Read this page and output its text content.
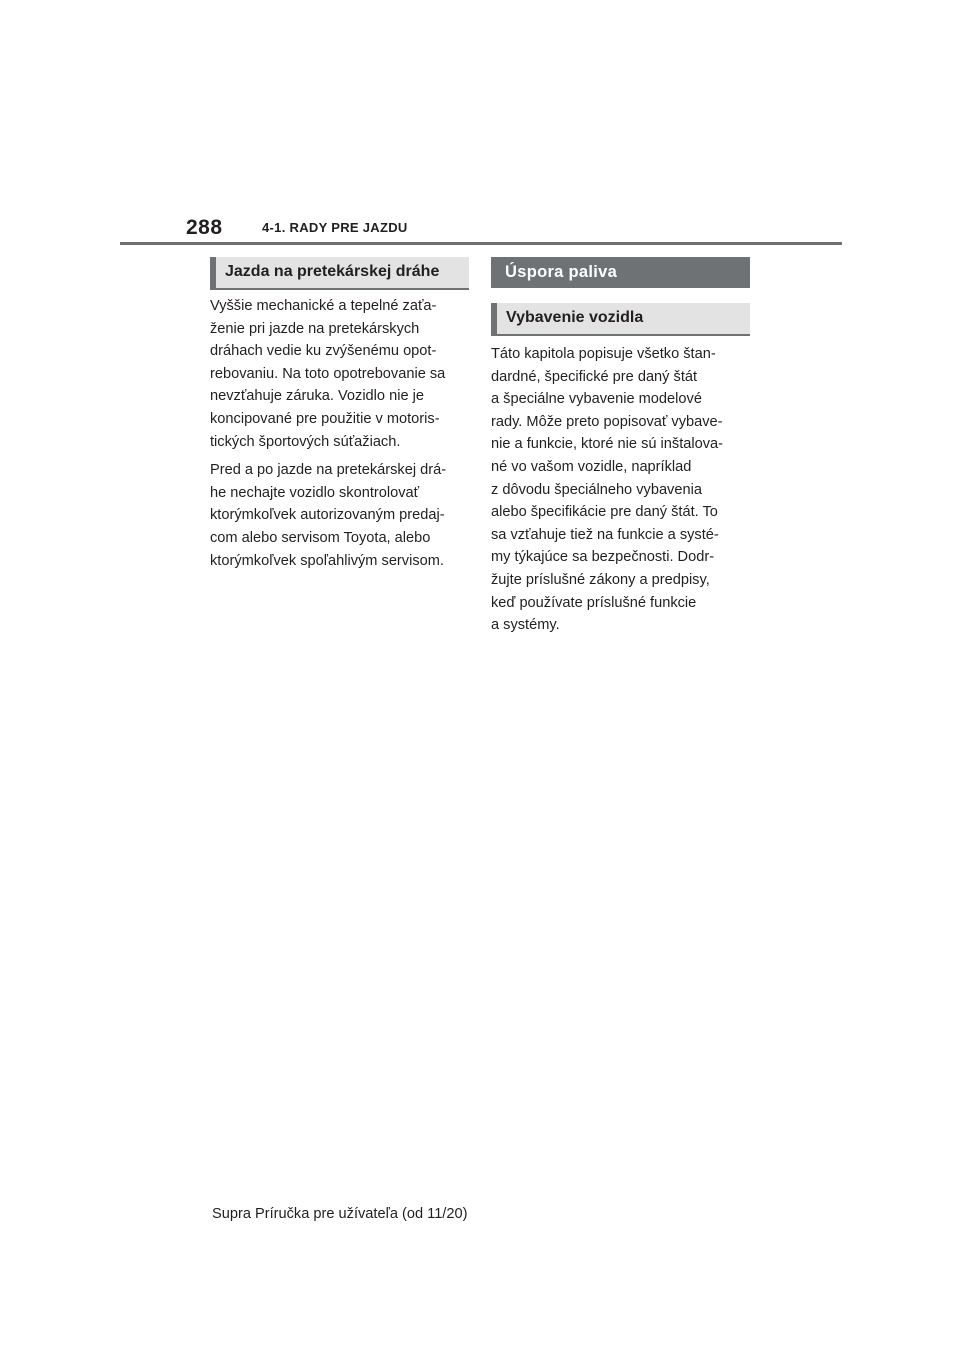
288	4-1. RADY PRE JAZDU
Jazda na pretekárskej dráhe

Vyššie mechanické a tepelné zaťa-
ženie pri jazde na pretekárskych
dráhach vedie ku zvýšenému opot-
rebovaniu. Na toto opotrebovanie sa
nevzťahuje záruka. Vozidlo nie je
koncipované pre použitie v motoris-
tických športových súťažiach.

Pred a po jazde na pretekárskej drá-
he nechajte vozidlo skontrolovať
ktorýmkoľvek autorizovaným predaj-
com alebo servisom Toyota, alebo
ktorýmkoľvek spoľahlivým servisom.

Úspora paliva
Vybavenie vozidla

Táto kapitola popisuje všetko štan-
dardné, špecifické pre daný štát
a špeciálne vybavenie modelové
rady. Môže preto popisovať vybave-
nie a funkcie, ktoré nie sú inštalova-
né vo vašom vozidle, napríklad
z dôvodu špeciálneho vybavenia
alebo špecifikácie pre daný štát. To
sa vzťahuje tiež na funkcie a systé-
my týkajúce sa bezpečnosti. Dodr-
žujte príslušné zákony a predpisy,
keď používate príslušné funkcie
a systémy.

Supra Príručka pre užívateľa (od 11/20)
